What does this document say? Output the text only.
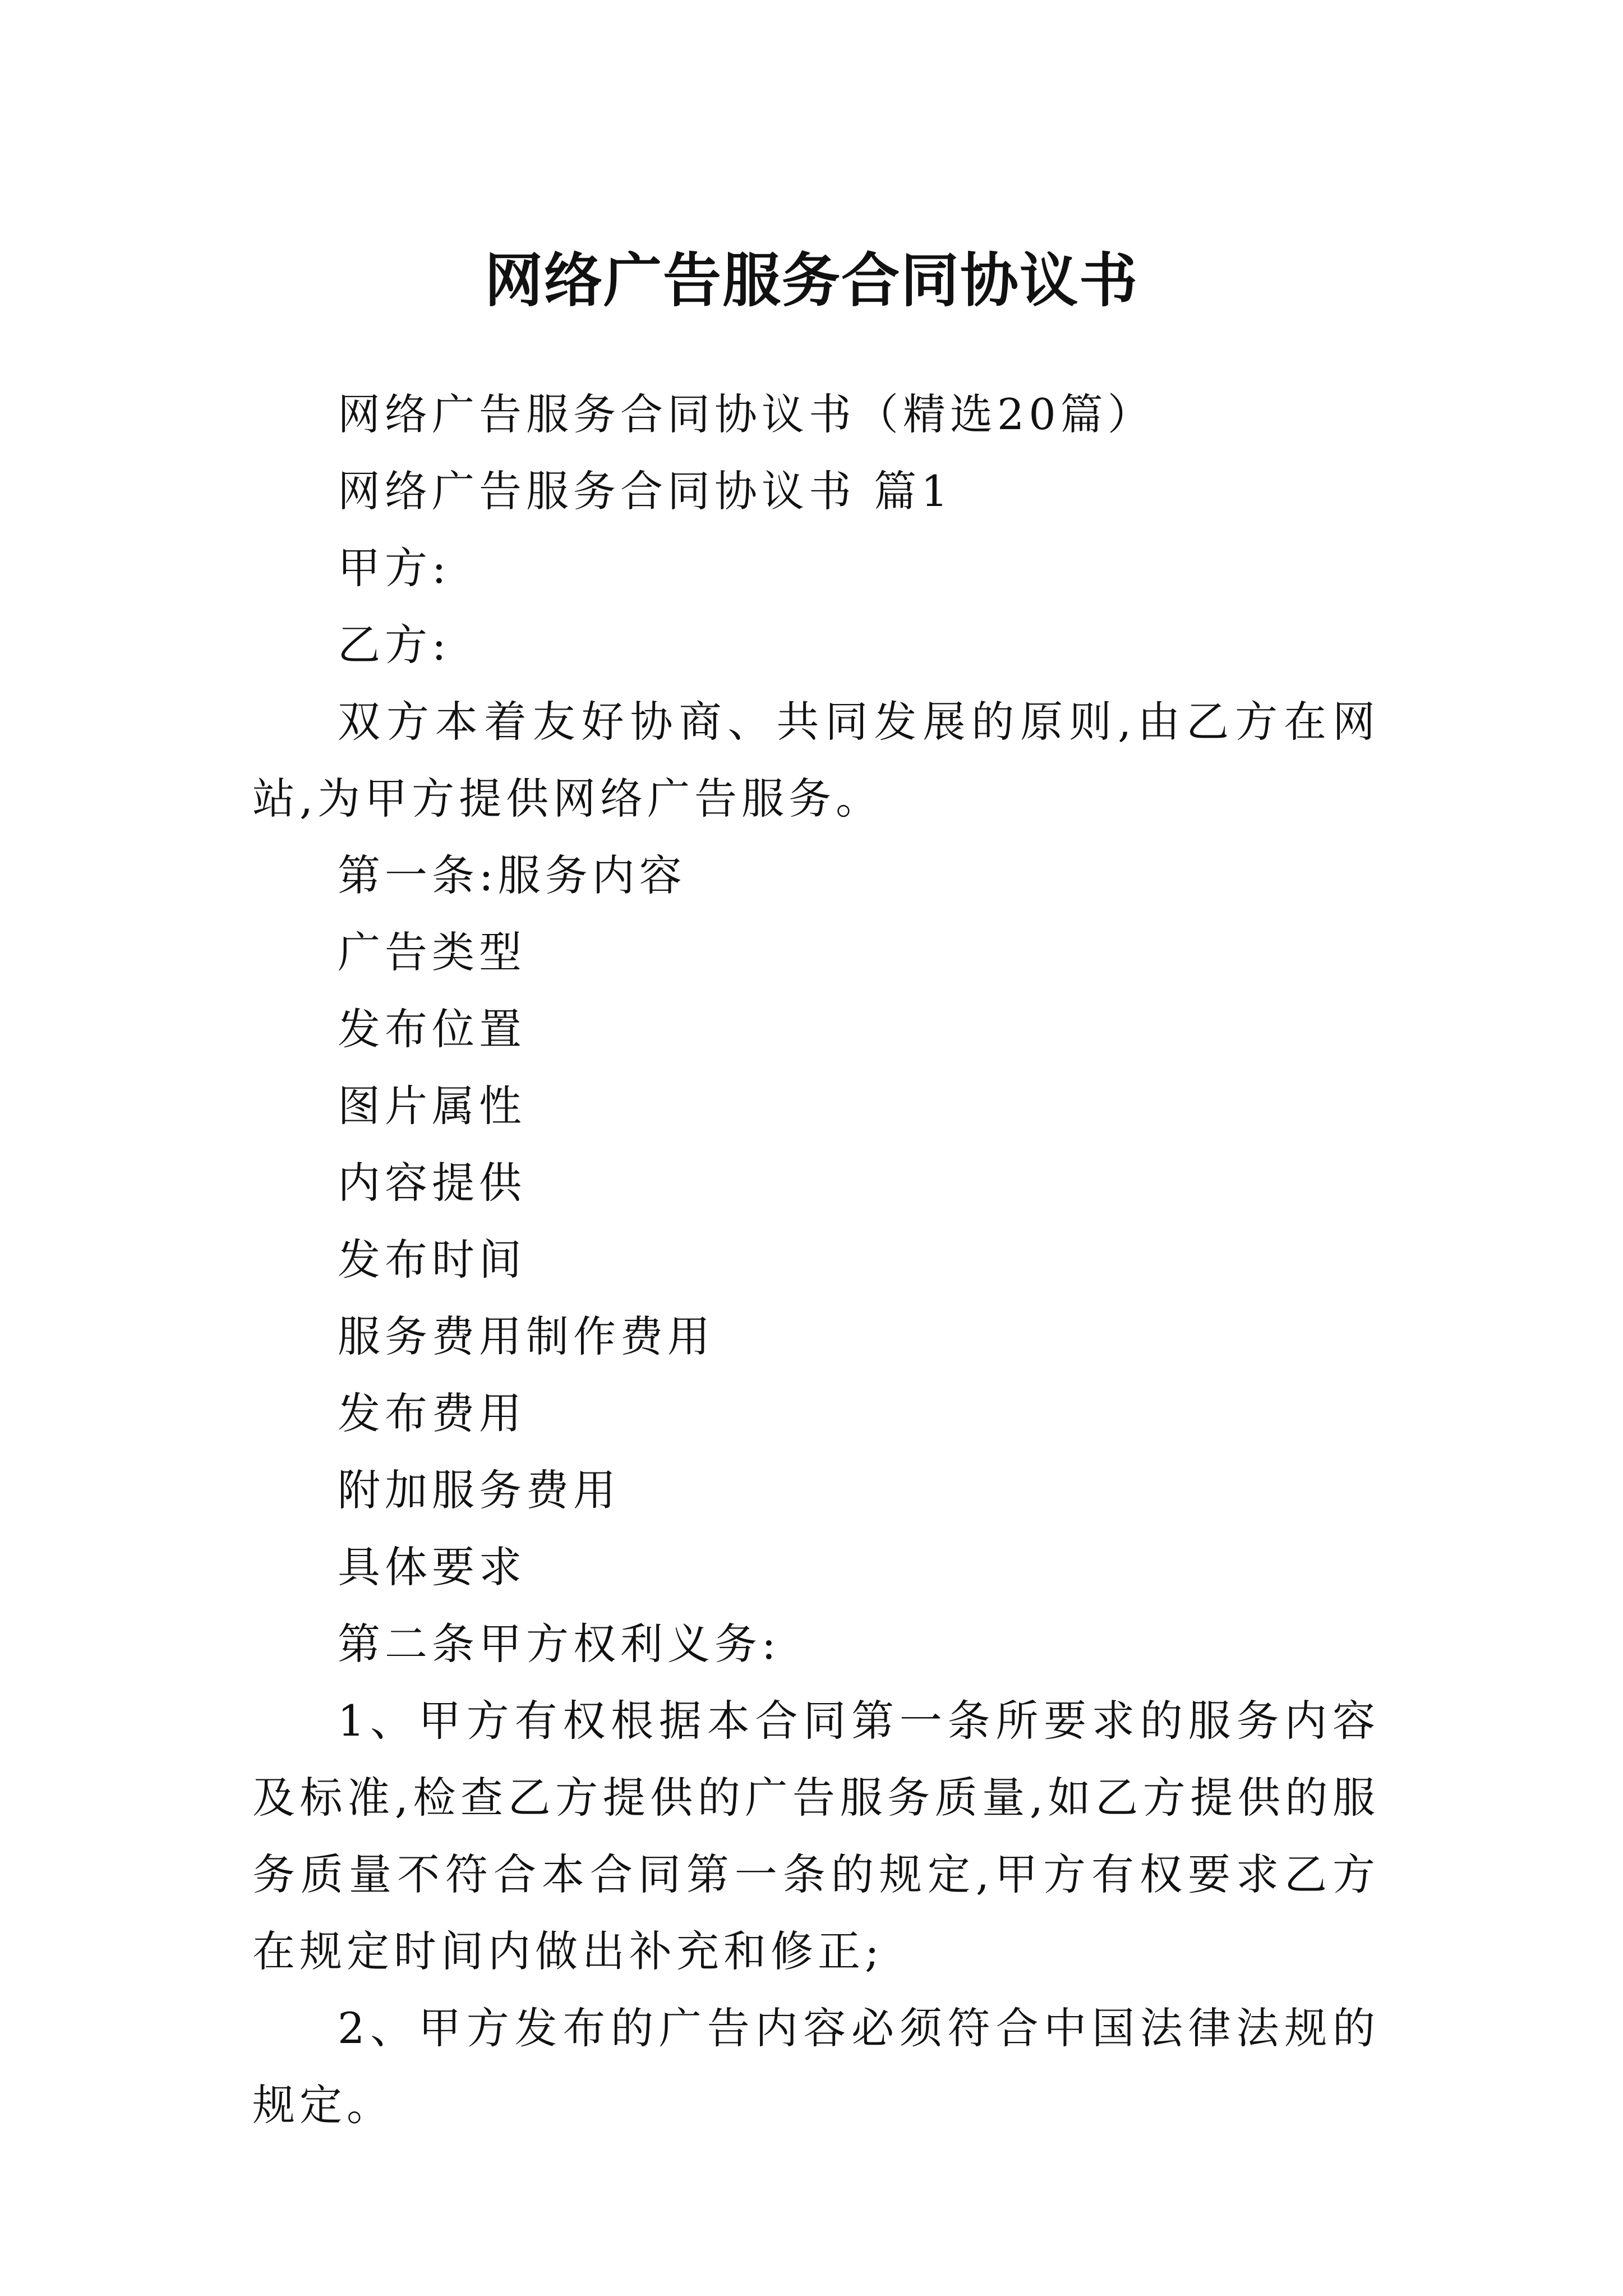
网络广告服务合同协议书

网络广告服务合同协议书（精选20篇）

网络广告服务合同协议书 篇1

甲方:

乙方:

双方本着友好协商、共同发展的原则,由乙方在网站,为甲方提供网络广告服务。

第一条:服务内容

广告类型

发布位置

图片属性

内容提供

发布时间

服务费用制作费用

发布费用

附加服务费用

具体要求

第二条甲方权利义务:

1、甲方有权根据本合同第一条所要求的服务内容及标准,检查乙方提供的广告服务质量,如乙方提供的服务质量不符合本合同第一条的规定,甲方有权要求乙方在规定时间内做出补充和修正;

2、甲方发布的广告内容必须符合中国法律法规的规定。
